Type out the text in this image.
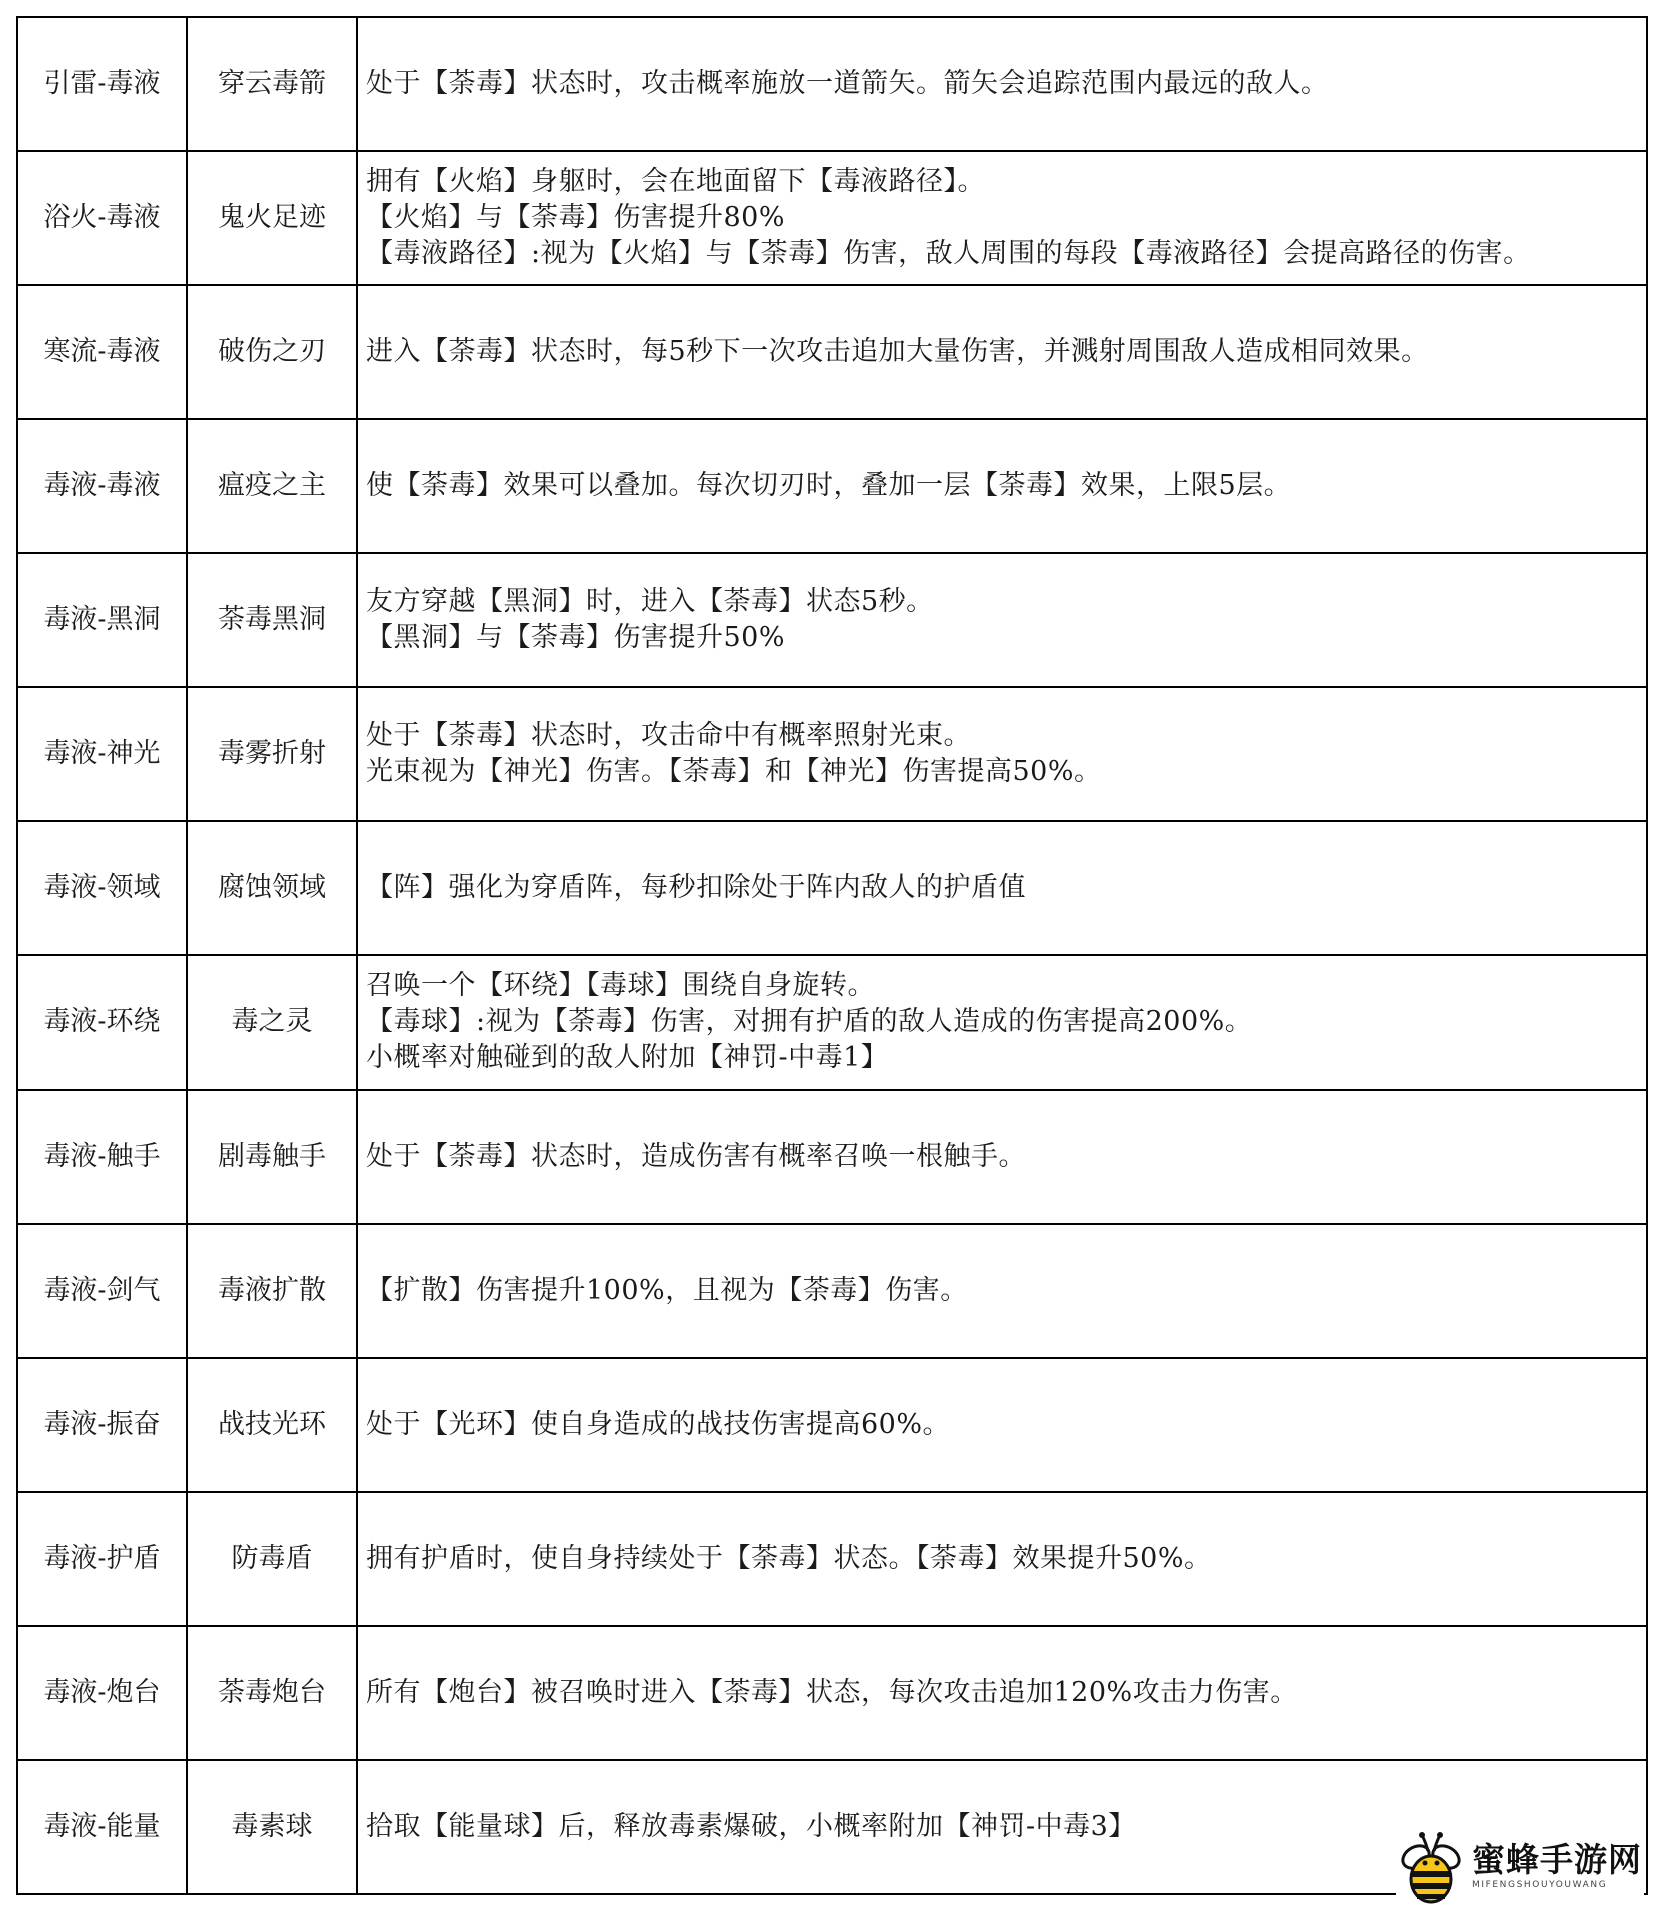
引雷-毒液	穿云毒箭	处于【荼毒】状态时，攻击概率施放一道箭矢。箭矢会追踪范围内最远的敌人。

浴火-毒液	鬼火足迹	拥有【火焰】身躯时，会在地面留下【毒液路径】。
【火焰】与【荼毒】伤害提升80%
【毒液路径】:视为【火焰】与【荼毒】伤害，敌人周围的每段【毒液路径】会提高路径的伤害。

寒流-毒液	破伤之刃	进入【荼毒】状态时，每5秒下一次攻击追加大量伤害，并溅射周围敌人造成相同效果。

毒液-毒液	瘟疫之主	使【荼毒】效果可以叠加。每次切刃时，叠加一层【荼毒】效果，上限5层。

毒液-黑洞	荼毒黑洞	友方穿越【黑洞】时，进入【荼毒】状态5秒。
【黑洞】与【荼毒】伤害提升50%

毒液-神光	毒雾折射	处于【荼毒】状态时，攻击命中有概率照射光束。
光束视为【神光】伤害。【荼毒】和【神光】伤害提高50%。

毒液-领域	腐蚀领域	【阵】强化为穿盾阵，每秒扣除处于阵内敌人的护盾值

毒液-环绕	毒之灵	召唤一个【环绕】【毒球】围绕自身旋转。
【毒球】:视为【荼毒】伤害，对拥有护盾的敌人造成的伤害提高200%。
小概率对触碰到的敌人附加【神罚-中毒1】

毒液-触手	剧毒触手	处于【荼毒】状态时，造成伤害有概率召唤一根触手。

毒液-剑气	毒液扩散	【扩散】伤害提升100%，且视为【荼毒】伤害。

毒液-振奋	战技光环	处于【光环】使自身造成的战技伤害提高60%。

毒液-护盾	防毒盾	拥有护盾时，使自身持续处于【荼毒】状态。【荼毒】效果提升50%。

毒液-炮台	荼毒炮台	所有【炮台】被召唤时进入【荼毒】状态，每次攻击追加120%攻击力伤害。

毒液-能量	毒素球	拾取【能量球】后，释放毒素爆破，小概率附加【神罚-中毒3】
蜜蜂手游网
MIFENGSHOUYOUWANG
